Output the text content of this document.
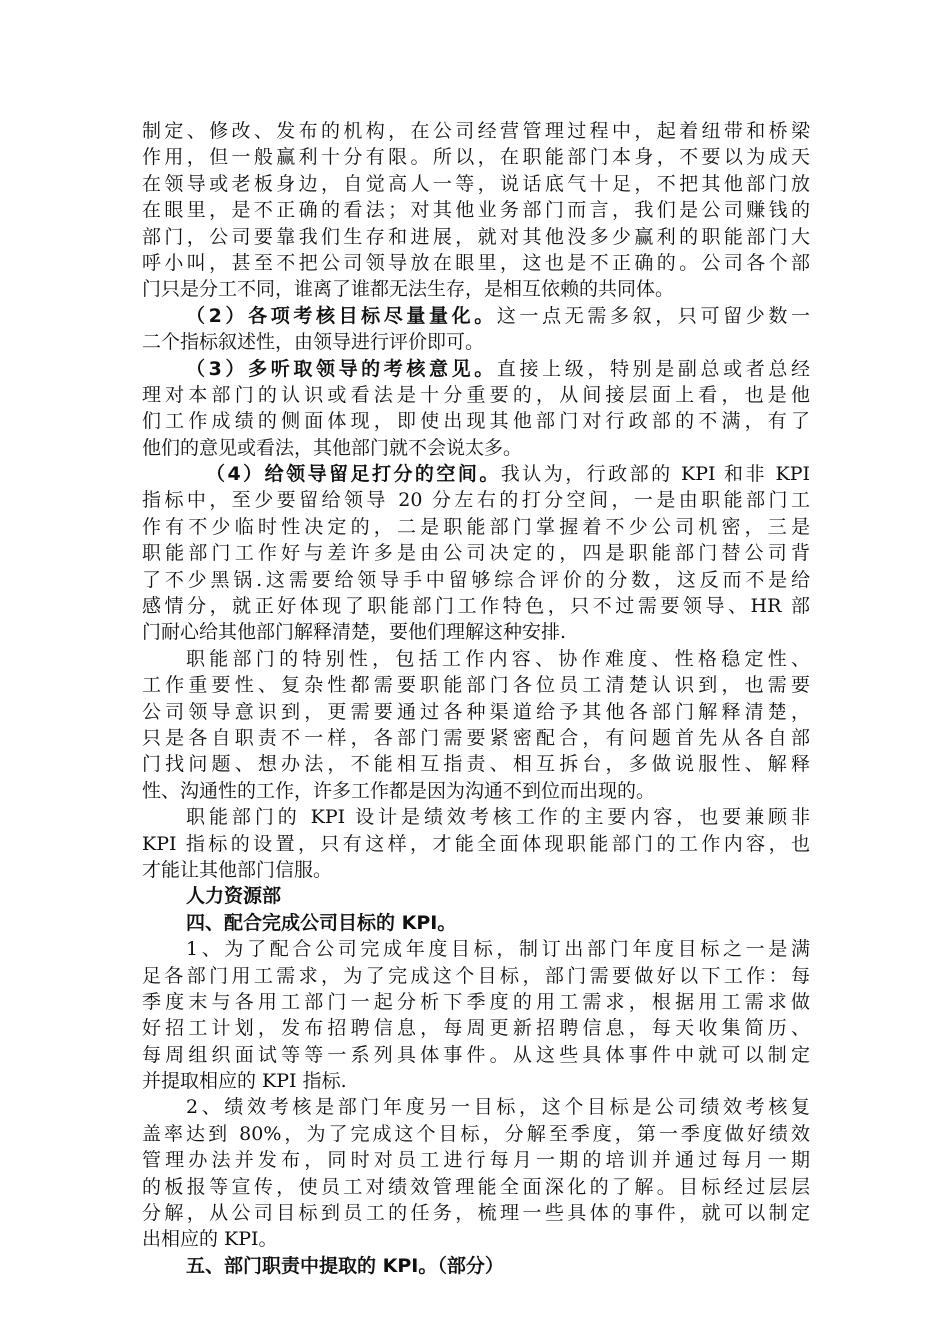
制定、修改、发布的机构，在公司经营管理过程中，起着纽带和桥梁
作用，但一般赢利十分有限。所以，在职能部门本身，不要以为成天
在领导或老板身边，自觉高人一等，说话底气十足，不把其他部门放
在眼里，是不正确的看法；对其他业务部门而言，我们是公司赚钱的
部门，公司要靠我们生存和进展，就对其他没多少赢利的职能部门大
呼小叫，甚至不把公司领导放在眼里，这也是不正确的。公司各个部
门只是分工不同，谁离了谁都无法生存，是相互依赖的共同体。
（2）各项考核目标尽量量化。这一点无需多叙，只可留少数一
二个指标叙述性，由领导进行评价即可。
（3）多听取领导的考核意见。直接上级，特别是副总或者总经
理对本部门的认识或看法是十分重要的，从间接层面上看，也是他
们工作成绩的侧面体现，即使出现其他部门对行政部的不满，有了
他们的意见或看法，其他部门就不会说太多。
（4）给领导留足打分的空间。我认为，行政部的 KPI 和非 KPI
指标中，至少要留给领导 20 分左右的打分空间，一是由职能部门工
作有不少临时性决定的，二是职能部门掌握着不少公司机密，三是
职能部门工作好与差许多是由公司决定的，四是职能部门替公司背
了不少黑锅.这需要给领导手中留够综合评价的分数，这反而不是给
感情分，就正好体现了职能部门工作特色，只不过需要领导、HR 部
门耐心给其他部门解释清楚，要他们理解这种安排.
职能部门的特别性，包括工作内容、协作难度、性格稳定性、
工作重要性、复杂性都需要职能部门各位员工清楚认识到，也需要
公司领导意识到，更需要通过各种渠道给予其他各部门解释清楚，
只是各自职责不一样，各部门需要紧密配合，有问题首先从各自部
门找问题、想办法，不能相互指责、相互拆台，多做说服性、解释
性、沟通性的工作，许多工作都是因为沟通不到位而出现的。
职能部门的 KPI 设计是绩效考核工作的主要内容，也要兼顾非
KPI 指标的设置，只有这样，才能全面体现职能部门的工作内容，也
才能让其他部门信服。
人力资源部
四、配合完成公司目标的 KPI。
1、为了配合公司完成年度目标，制订出部门年度目标之一是满
足各部门用工需求，为了完成这个目标，部门需要做好以下工作：每
季度末与各用工部门一起分析下季度的用工需求，根据用工需求做
好招工计划，发布招聘信息，每周更新招聘信息，每天收集简历、
每周组织面试等等一系列具体事件。从这些具体事件中就可以制定
并提取相应的 KPI 指标.
2、绩效考核是部门年度另一目标，这个目标是公司绩效考核复
盖率达到 80%，为了完成这个目标，分解至季度，第一季度做好绩效
管理办法并发布，同时对员工进行每月一期的培训并通过每月一期
的板报等宣传，使员工对绩效管理能全面深化的了解。目标经过层层
分解，从公司目标到员工的任务，梳理一些具体的事件，就可以制定
出相应的 KPI。
五、部门职责中提取的 KPI。（部分）
